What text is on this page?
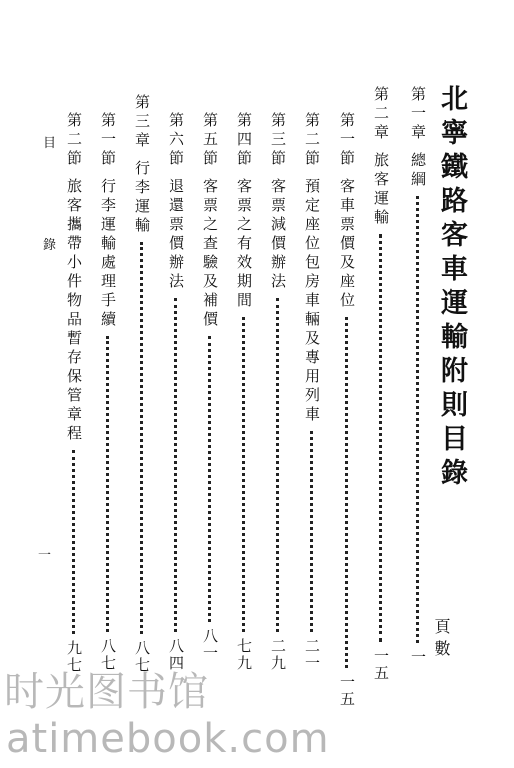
北寧鐵路客車運輸附則目錄
頁數
第一章 總綱
一
第二章 旅客運輸
一五
第一節 客車票價及座位
一五
第二節 預定座位包房車輛及專用列車
二一
第三節 客票減價辦法
二九
第四節 客票之有效期間
七九
第五節 客票之查驗及補價
八一
第六節 退還票價辦法
八四
第三章 行李運輸
八七
第一節 行李運輸處理手續
八七
第二節 旅客攜帶小件物品暫存保管章程
九七
目
錄
一
时光图书馆
atimebook.com
